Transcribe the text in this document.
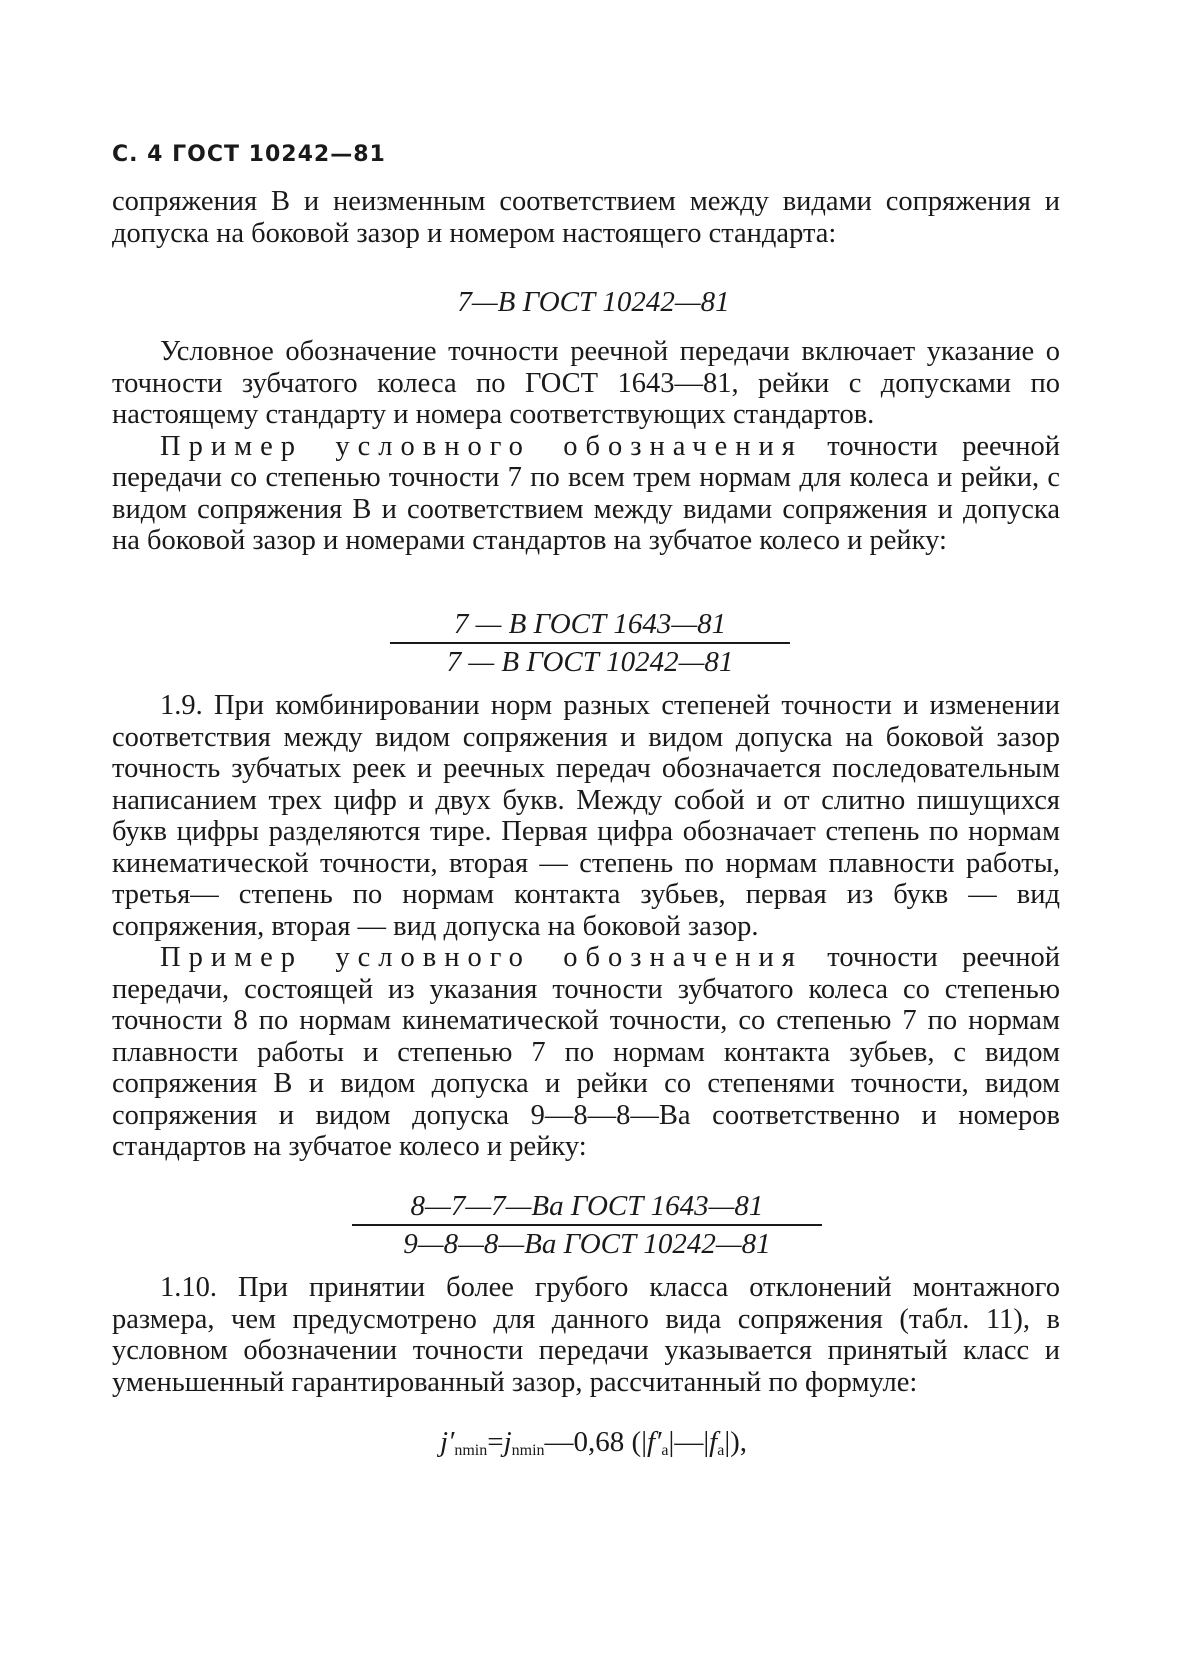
С. 4 ГОСТ 10242—81

сопряжения В и неизменным соответствием между видами сопряжения и допуска на боковой зазор и номером настоящего стандарта:

7—В ГОСТ 10242—81

Условное обозначение точности реечной передачи включает указание о точности зубчатого колеса по ГОСТ 1643—81, рейки с допусками по настоящему стандарту и номера соответствующих стандартов.

Пример условного обозначения точности реечной передачи со степенью точности 7 по всем трем нормам для колеса и рейки, с видом сопряжения В и соответствием между видами сопряжения и допуска на боковой зазор и номерами стандартов на зубчатое колесо и рейку:

7 — В ГОСТ 1643—81
7 — В ГОСТ 10242—81

1.9. При комбинировании норм разных степеней точности и изменении соответствия между видом сопряжения и видом допуска на боковой зазор точность зубчатых реек и реечных передач обозначается последовательным написанием трех цифр и двух букв. Между собой и от слитно пишущихся букв цифры разделяются тире. Первая цифра обозначает степень по нормам кинематической точности, вторая — степень по нормам плавности работы, третья— степень по нормам контакта зубьев, первая из букв — вид сопряжения, вторая — вид допуска на боковой зазор.

Пример условного обозначения точности реечной передачи, состоящей из указания точности зубчатого колеса со степенью точности 8 по нормам кинематической точности, со степенью 7 по нормам плавности работы и степенью 7 по нормам контакта зубьев, с видом сопряжения В и видом допуска и рейки со степенями точности, видом сопряжения и видом допуска 9—8—8—Ва соответственно и номеров стандартов на зубчатое колесо и рейку:

8—7—7—Ва ГОСТ 1643—81
9—8—8—Ва ГОСТ 10242—81

1.10. При принятии более грубого класса отклонений монтажного размера, чем предусмотрено для данного вида сопряжения (табл. 11), в условном обозначении точности передачи указывается принятый класс и уменьшенный гарантированный зазор, рассчитанный по формуле:

$j'_{nmin}=j_{nmin}—0,68$ $(|f'_a|—|f_a|)$,
